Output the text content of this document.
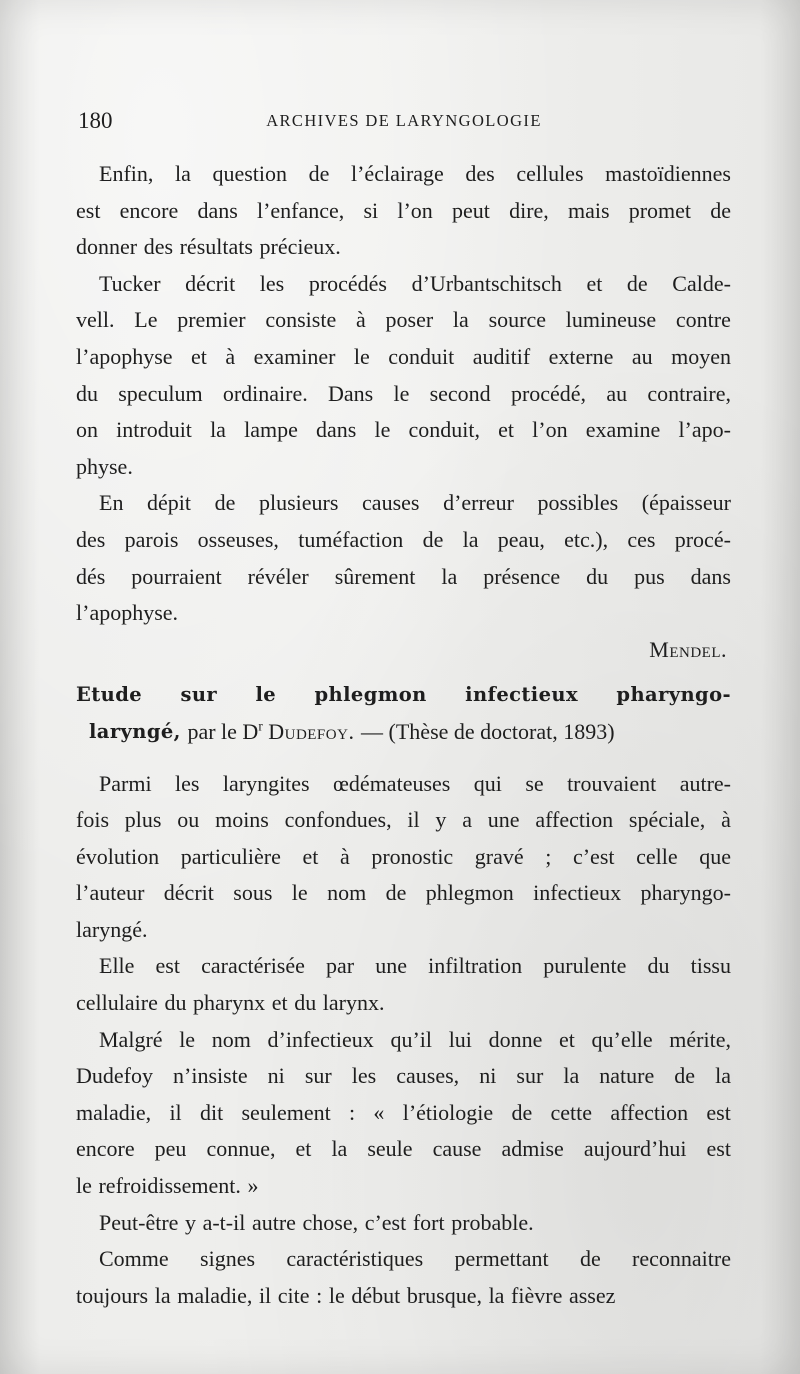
180	ARCHIVES DE LARYNGOLOGIE
Enfin, la question de l’éclairage des cellules mastoïdiennes
est encore dans l’enfance, si l’on peut dire, mais promet de
donner des résultats précieux.
Tucker décrit les procédés d’Urbantschitsch et de Calde-
vell. Le premier consiste à poser la source lumineuse contre
l’apophyse et à examiner le conduit auditif externe au moyen
du speculum ordinaire. Dans le second procédé, au contraire,
on introduit la lampe dans le conduit, et l’on examine l’apo-
physe.
En dépit de plusieurs causes d’erreur possibles (épaisseur
des parois osseuses, tuméfaction de la peau, etc.), ces procé-
dés pourraient révéler sûrement la présence du pus dans
l’apophyse.
Mendel.
Etude sur le phlegmon infectieux pharyngo-
laryngé, par le $D^r$ Dudefoy. — (Thèse de doctorat, 1893)
Parmi les laryngites œdémateuses qui se trouvaient autre-
fois plus ou moins confondues, il y a une affection spéciale, à
évolution particulière et à pronostic gravé ; c’est celle que
l’auteur décrit sous le nom de phlegmon infectieux pharyngo-
laryngé.
Elle est caractérisée par une infiltration purulente du tissu
cellulaire du pharynx et du larynx.
Malgré le nom d’infectieux qu’il lui donne et qu’elle mérite,
Dudefoy n’insiste ni sur les causes, ni sur la nature de la
maladie, il dit seulement : « l’étiologie de cette affection est
encore peu connue, et la seule cause admise aujourd’hui est
le refroidissement. »
Peut-être y a-t-il autre chose, c’est fort probable.
Comme signes caractéristiques permettant de reconnaitre
toujours la maladie, il cite : le début brusque, la fièvre assez
